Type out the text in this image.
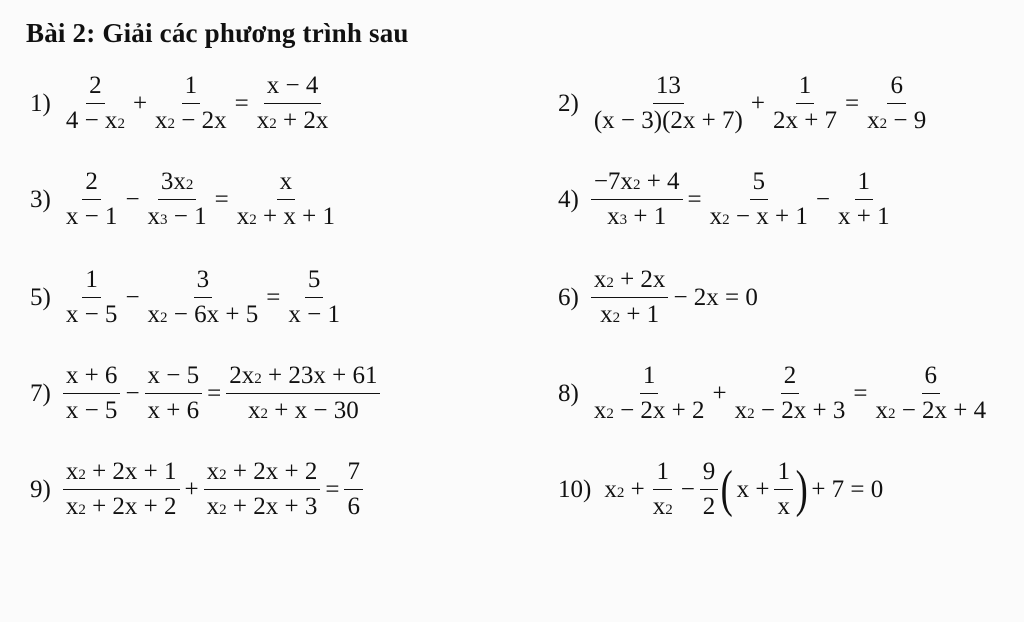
Bài 2: Giải các phương trình sau
$1) \frac{2}{4 - x^2} + \frac{1}{x^2 - 2x} = \frac{x - 4}{x^2 + 2x}$	$2) \frac{13}{(x - 3)(2x + 7)} + \frac{1}{2x + 7} = \frac{6}{x^2 - 9}$
$3) \frac{2}{x - 1} - \frac{3x^2}{x^3 - 1} = \frac{x}{x^2 + x + 1}$	$4) \frac{-7x^2 + 4}{x^3 + 1} = \frac{5}{x^2 - x + 1} - \frac{1}{x + 1}$
$5) \frac{1}{x - 5} - \frac{3}{x^2 - 6x + 5} = \frac{5}{x - 1}$	$6) \frac{x^2 + 2x}{x^2 + 1} - 2x = 0$
$7) \frac{x + 6}{x - 5} - \frac{x - 5}{x + 6} = \frac{2x^2 + 23x + 61}{x^2 + x - 30}$	$8) \frac{1}{x^2 - 2x + 2} + \frac{2}{x^2 - 2x + 3} = \frac{6}{x^2 - 2x + 4}$
$9) \frac{x^2 + 2x + 1}{x^2 + 2x + 2} + \frac{x^2 + 2x + 2}{x^2 + 2x + 3} = \frac{7}{6}$	10) $x^2 + \frac{1}{x^2} - \frac{9}{2}$ ( $x + \frac{1}{x}$ ) + 7 = 0
